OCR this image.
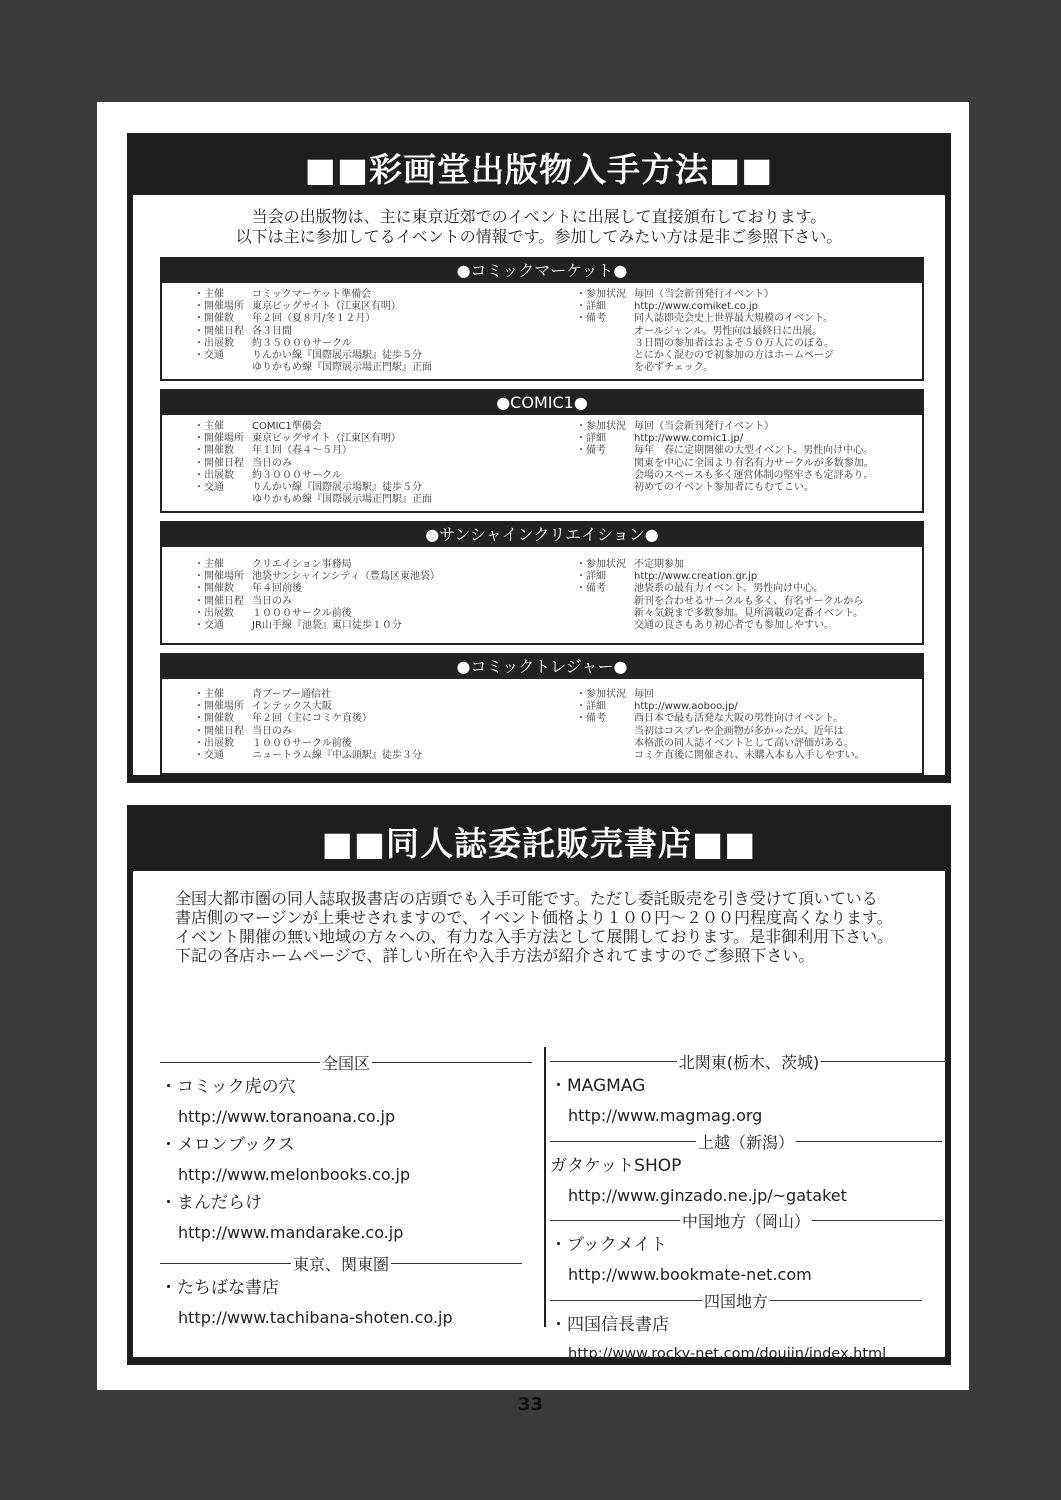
■■彩画堂出版物入手方法■■
当会の出版物は、主に東京近郊でのイベントに出展して直接頒布しております。
以下は主に参加してるイベントの情報です。参加してみたい方は是非ご参照下さい。
●コミックマーケット●
・主催	コミックマーケット準備会
・開催場所 東京ビッグサイト（江東区有明）
・開催数	年２回（夏８月/冬１２月）
・開催日程 各３日間
・出展数	約３５０００サークル
・交通	りんかい線『国際展示場駅』徒歩５分
ゆりかもめ線『国際展示場正門駅』正面
・参加状況 毎回（当会新刊発行イベント）
・詳細	http://www.comiket.co.jp
・備考	同人誌即売会史上世界最大規模のイベント。
オールジャンル。男性向は最終日に出展。
３日間の参加者はおよそ５０万人にのぼる。
とにかく混むので初参加の方はホームページ
を必ずチェック。
●COMIC1●
・主催	COMIC1準備会
・開催場所 東京ビッグサイト（江東区有明）
・開催数	年１回（春４～５月）
・開催日程 当日のみ
・出展数	約３０００サークル
・交通	りんかい線『国際展示場駅』徒歩５分
ゆりかもめ線『国際展示場正門駅』正面
・参加状況 毎回（当会新刊発行イベント）
・詳細	http://www.comic1.jp/
・備考	毎年　春に定期開催の大型イベント。男性向け中心。
関東を中心に全国より有名有力サークルが多数参加。
会場のスペースも多く運営体制の堅牢さも定評あり。
初めてのイベント参加者にもむてこい。
●サンシャインクリエイション●
・主催	クリエイション事務局
・開催場所 池袋サンシャインシティ（豊島区東池袋）
・開催数	年４回前後
・開催日程 当日のみ
・出展数	１０００サークル前後
・交通	JR山手線『池袋』東口徒歩１０分
・参加状況 不定期参加
・詳細	http://www.creation.gr.jp
・備考	池袋系の最有力イベント。男性向け中心。
新刊を合わせるサークルも多く、有名サークルから
新々気鋭まで多数参加。見所満載の定番イベント。
交通の良さもあり初心者でも参加しやすい。
●コミックトレジャー●
・主催	青ブーブー通信社
・開催場所 インテックス大阪
・開催数	年２回（主にコミケ直後）
・開催日程 当日のみ
・出展数	１０００サークル前後
・交通	ニュートラム線『中ふ頭駅』徒歩３分
・参加状況 毎回
・詳細	http://www.aoboo.jp/
・備考	西日本で最も活発な大阪の男性向けイベント。
当初はコスプレや企画物が多かったが、近年は
本格派の同人誌イベントとして高い評価がある。
コミケ直後に開催され、未購入本も入手しやすい。
■■同人誌委託販売書店■■
全国大都市圏の同人誌取扱書店の店頭でも入手可能です。ただし委託販売を引き受けて頂いている
書店側のマージンが上乗せされますので、イベント価格より１００円～２００円程度高くなります。
イベント開催の無い地域の方々への、有力な入手方法として展開しております。是非御利用下さい。
下記の各店ホームページで、詳しい所在や入手方法が紹介されてますのでご参照下さい。
全国区
・コミック虎の穴
http://www.toranoana.co.jp
・メロンブックス
http://www.melonbooks.co.jp
・まんだらけ
http://www.mandarake.co.jp
東京、関東圏
・たちばな書店
http://www.tachibana-shoten.co.jp
北関東(栃木、茨城)
・MAGMAG
http://www.magmag.org
上越（新潟）
ガタケットSHOP
http://www.ginzado.ne.jp/~gataket
中国地方（岡山）
・ブックメイト
http://www.bookmate-net.com
四国地方
・四国信長書店
http://www.rocky-net.com/doujin/index.html
33
